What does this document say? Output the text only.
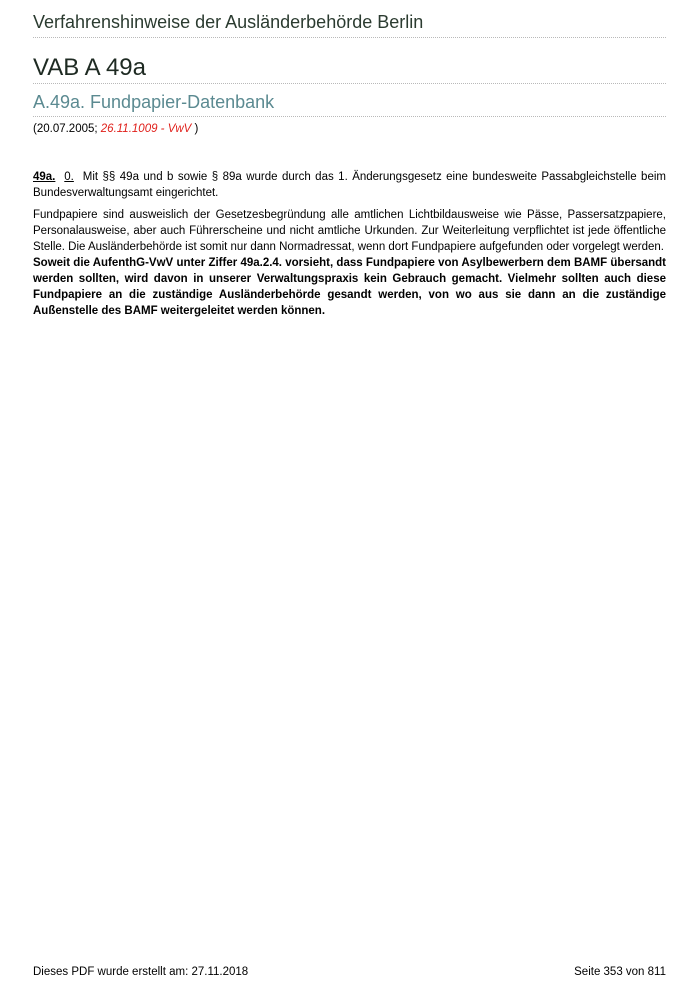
Verfahrenshinweise der Ausländerbehörde Berlin
VAB A 49a
A.49a. Fundpapier-Datenbank
(20.07.2005; 26.11.1009 - VwV )

49a. 0. Mit §§ 49a und b sowie § 89a wurde durch das 1. Änderungsgesetz eine bundesweite Passabgleichstelle beim Bundesverwaltungsamt eingerichtet.

Fundpapiere sind ausweislich der Gesetzesbegründung alle amtlichen Lichtbildausweise wie Pässe, Passersatzpapiere, Personalausweise, aber auch Führerscheine und nicht amtliche Urkunden. Zur Weiterleitung verpflichtet ist jede öffentliche Stelle. Die Ausländerbehörde ist somit nur dann Normadressat, wenn dort Fundpapiere aufgefunden oder vorgelegt werden.

Soweit die AufenthG-VwV unter Ziffer 49a.2.4. vorsieht, dass Fundpapiere von Asylbewerbern dem BAMF übersandt werden sollten, wird davon in unserer Verwaltungspraxis kein Gebrauch gemacht. Vielmehr sollten auch diese Fundpapiere an die zuständige Ausländerbehörde gesandt werden, von wo aus sie dann an die zuständige Außenstelle des BAMF weitergeleitet werden können.

Dieses PDF wurde erstellt am: 27.11.2018	Seite 353 von 811
